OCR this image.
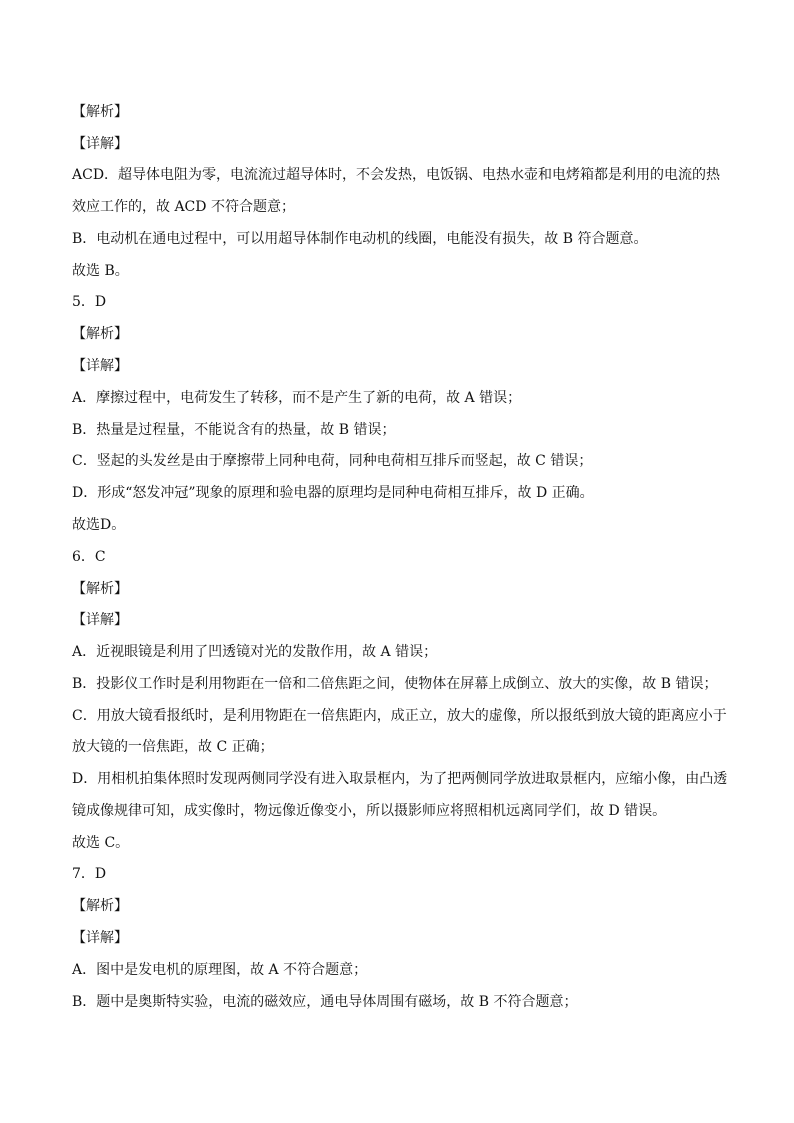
【解析】
【详解】
ACD．超导体电阻为零，电流流过超导体时，不会发热，电饭锅、电热水壶和电烤箱都是利用的电流的热
效应工作的，故 ACD 不符合题意；
B．电动机在通电过程中，可以用超导体制作电动机的线圈，电能没有损失，故 B 符合题意。
故选 B。
5．D
【解析】
【详解】
A．摩擦过程中，电荷发生了转移，而不是产生了新的电荷，故 A 错误；
B．热量是过程量，不能说含有的热量，故 B 错误；
C．竖起的头发丝是由于摩擦带上同种电荷，同种电荷相互排斥而竖起，故 C 错误；
D．形成“怒发冲冠”现象的原理和验电器的原理均是同种电荷相互排斥，故 D 正确。
故选D。
6．C
【解析】
【详解】
A．近视眼镜是利用了凹透镜对光的发散作用，故 A 错误；
B．投影仪工作时是利用物距在一倍和二倍焦距之间，使物体在屏幕上成倒立、放大的实像，故 B 错误；
C．用放大镜看报纸时，是利用物距在一倍焦距内，成正立，放大的虚像，所以报纸到放大镜的距离应小于
放大镜的一倍焦距，故 C 正确；
D．用相机拍集体照时发现两侧同学没有进入取景框内，为了把两侧同学放进取景框内，应缩小像，由凸透
镜成像规律可知，成实像时，物远像近像变小，所以摄影师应将照相机远离同学们，故 D 错误。
故选 C。
7．D
【解析】
【详解】
A．图中是发电机的原理图，故 A 不符合题意；
B．题中是奥斯特实验，电流的磁效应，通电导体周围有磁场，故 B 不符合题意；
